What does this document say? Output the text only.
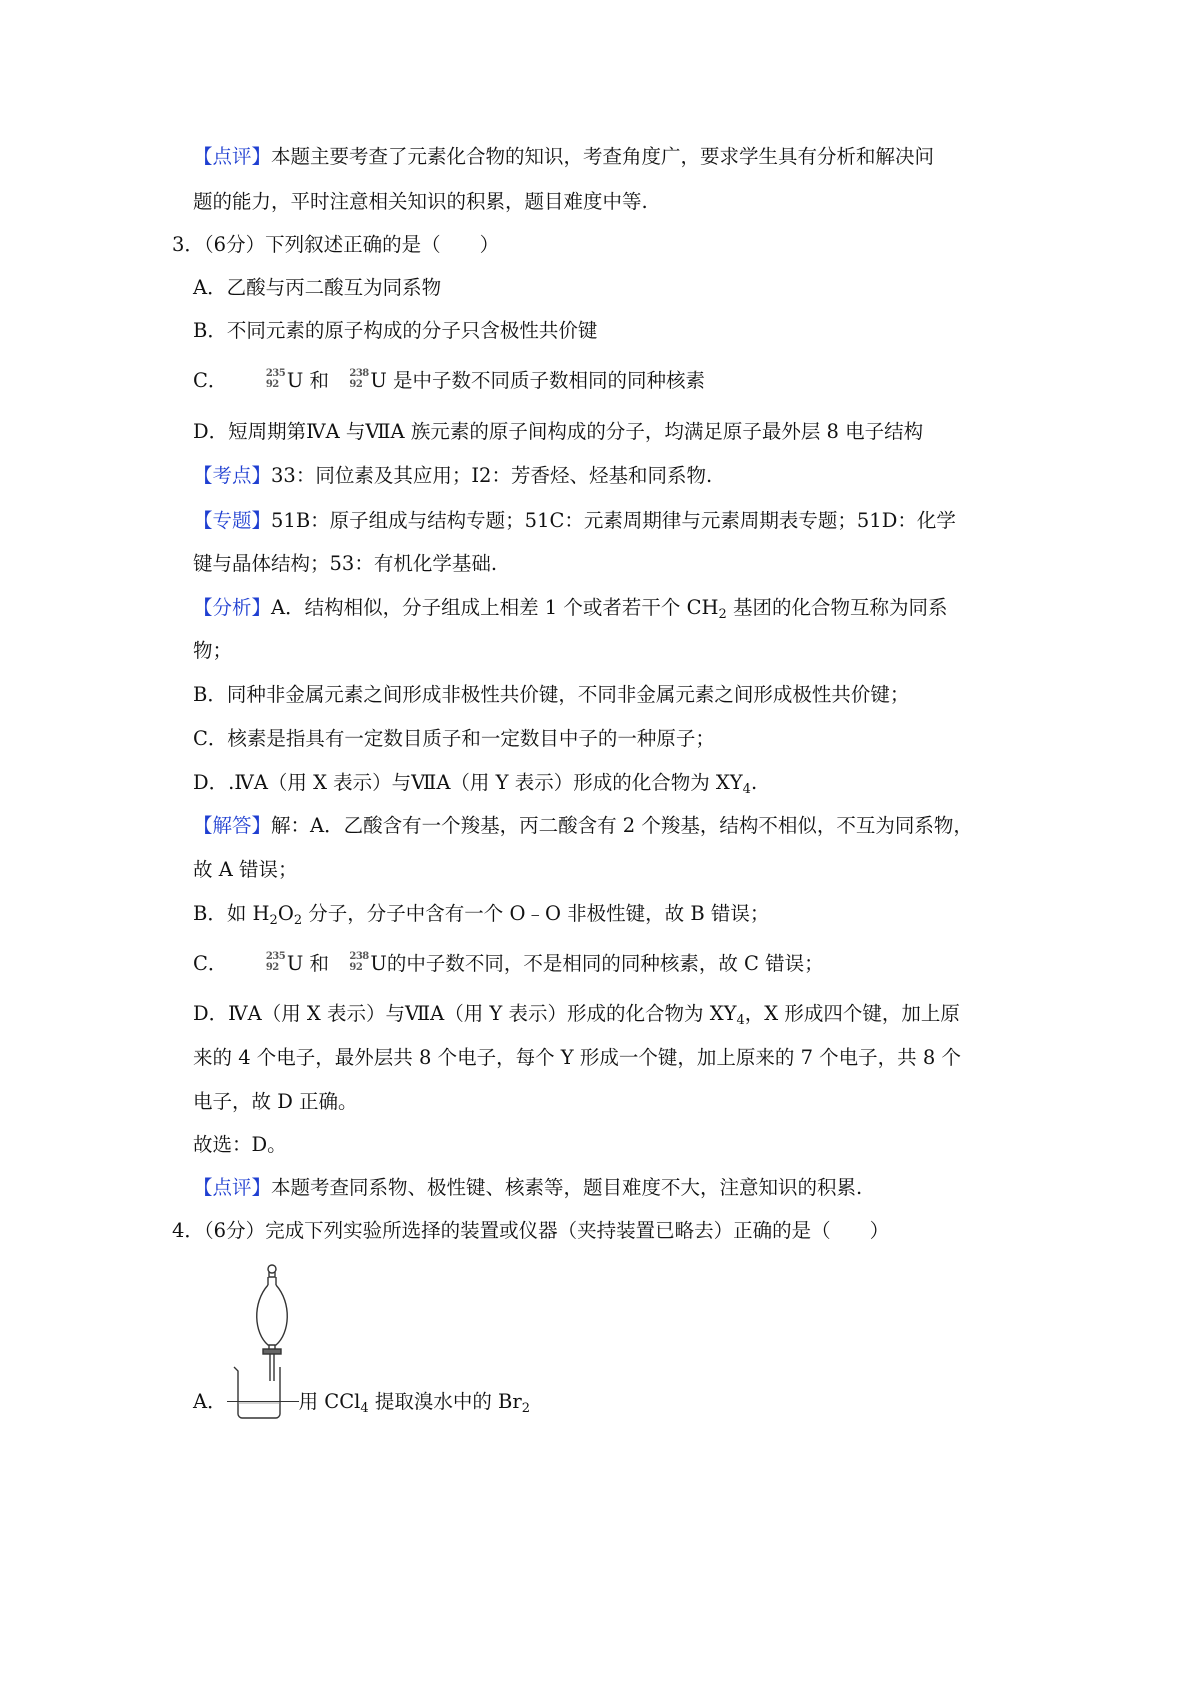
【点评】本题主要考查了元素化合物的知识，考查角度广，要求学生具有分析和解决问
题的能力，平时注意相关知识的积累，题目难度中等.
3．（6分）下列叙述正确的是（　　）
A．乙酸与丙二酸互为同系物
B．不同元素的原子构成的分子只含极性共价键
C．	235
92 U 和 238
92 U 是中子数不同质子数相同的同种核素
D．短周期第ⅣA 与ⅦA 族元素的原子间构成的分子，均满足原子最外层 8 电子结构
【考点】33：同位素及其应用；I2：芳香烃、烃基和同系物.
【专题】51B：原子组成与结构专题；51C：元素周期律与元素周期表专题；51D：化学
键与晶体结构；53：有机化学基础.
【分析】A．结构相似，分子组成上相差 1 个或者若干个 $CH_2$ 基团的化合物互称为同系
物；
B．同种非金属元素之间形成非极性共价键，不同非金属元素之间形成极性共价键；
C．核素是指具有一定数目质子和一定数目中子的一种原子；
D．.ⅣA（用 X 表示）与ⅦA（用 Y 表示）形成的化合物为 $XY_4$.
【解答】解：A．乙酸含有一个羧基，丙二酸含有 2 个羧基，结构不相似，不互为同系物，
故 A 错误；
B．如 $H_2O_2$ 分子，分子中含有一个 O﹣O 非极性键，故 B 错误；
C．	235
92 U 和 238
92 U的中子数不同，不是相同的同种核素，故 C 错误；
D．ⅣA（用 X 表示）与ⅦA（用 Y 表示）形成的化合物为 $XY_4$，X 形成四个键，加上原
来的 4 个电子，最外层共 8 个电子，每个 Y 形成一个键，加上原来的 7 个电子，共 8 个
电子，故 D 正确。
故选：D。
【点评】本题考查同系物、极性键、核素等，题目难度不大，注意知识的积累.
4．（6分）完成下列实验所选择的装置或仪器（夹持装置已略去）正确的是（　　）
A．	用 CCl$_4$ 提取溴水中的 $Br_2$
